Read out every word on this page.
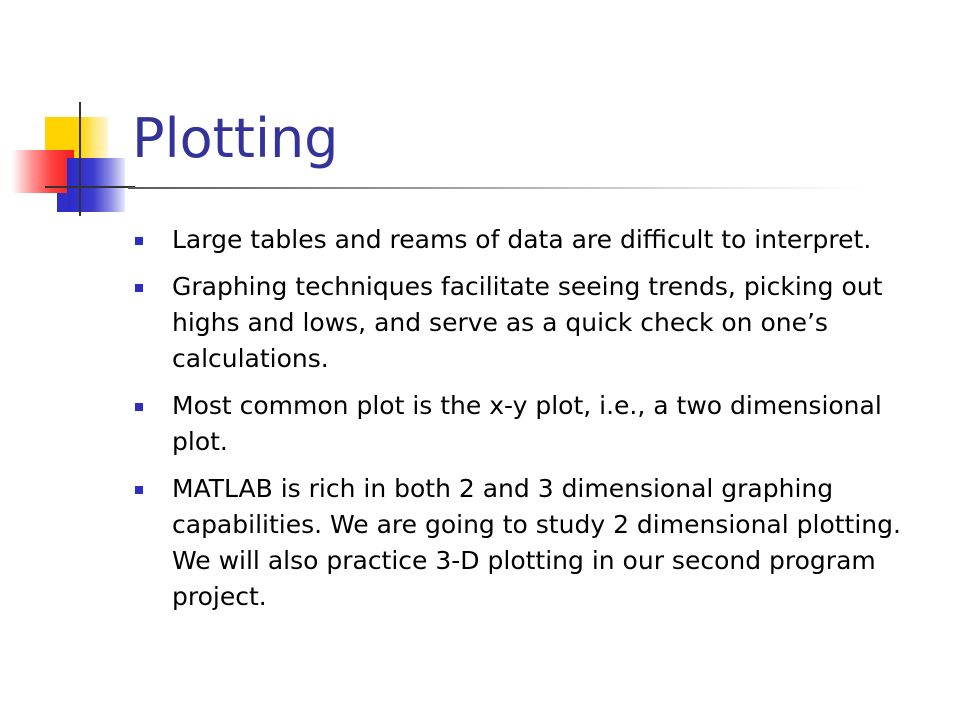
Plotting
Large tables and reams of data are difficult to interpret.
Graphing techniques facilitate seeing trends, picking out highs and lows, and serve as a quick check on one’s calculations.
Most common plot is the x-y plot, i.e., a two dimensional plot.
MATLAB is rich in both 2 and 3 dimensional graphing capabilities. We are going to study 2 dimensional plotting. We will also practice 3-D plotting in our second program project.
